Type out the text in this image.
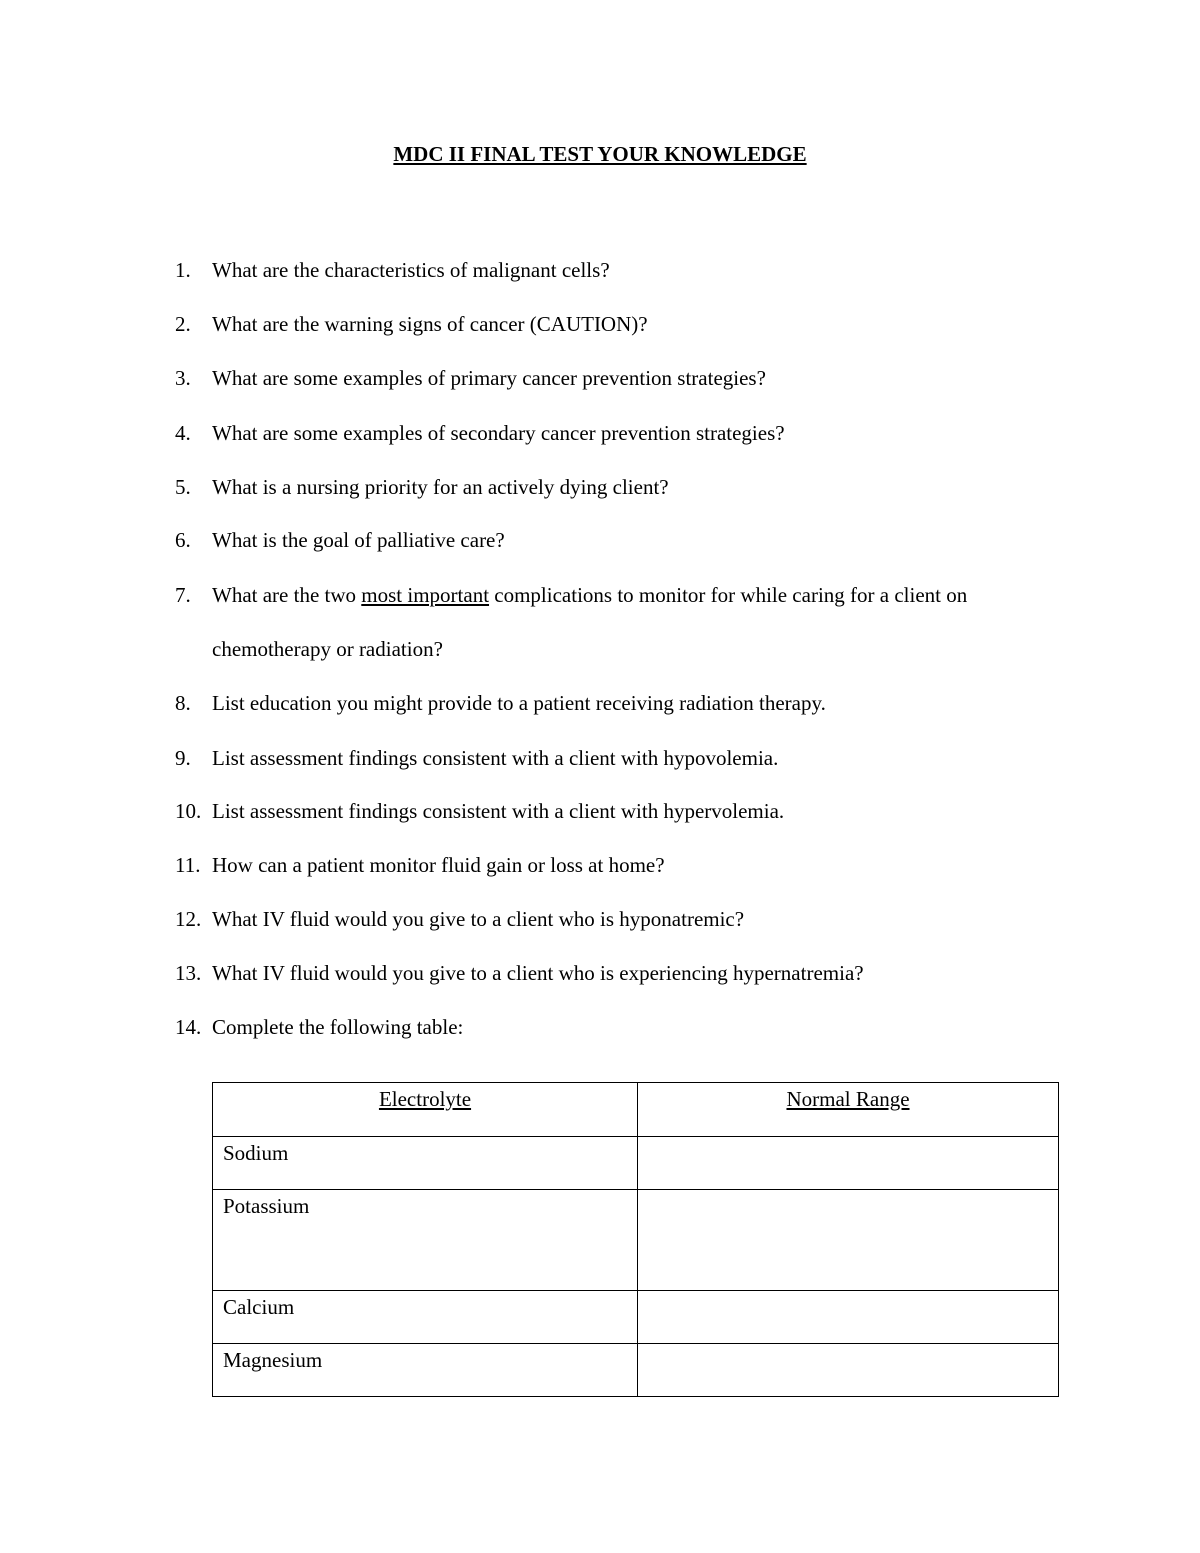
MDC II FINAL TEST YOUR KNOWLEDGE
1. What are the characteristics of malignant cells?
2. What are the warning signs of cancer (CAUTION)?
3. What are some examples of primary cancer prevention strategies?
4. What are some examples of secondary cancer prevention strategies?
5. What is a nursing priority for an actively dying client?
6. What is the goal of palliative care?
7. What are the two most important complications to monitor for while caring for a client on
chemotherapy or radiation?
8. List education you might provide to a patient receiving radiation therapy.
9. List assessment findings consistent with a client with hypovolemia.
10. List assessment findings consistent with a client with hypervolemia.
11. How can a patient monitor fluid gain or loss at home?
12. What IV fluid would you give to a client who is hyponatremic?
13. What IV fluid would you give to a client who is experiencing hypernatremia?
14. Complete the following table:
Electrolyte	Normal Range
Sodium	
Potassium	
Calcium	
Magnesium	
